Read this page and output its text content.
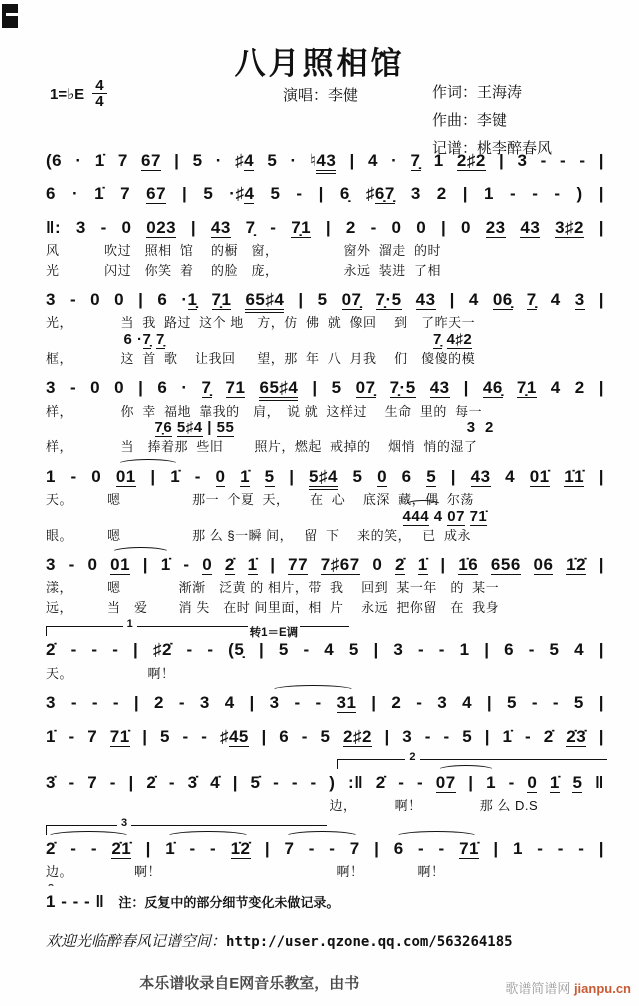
八月照相馆
1=♭E 4
4	演唱：李健	作词：王海涛
作曲：李键
记谱：桃李醉春风
(6 · 1̇ 7 67 | 5 · ♯4 5 · ♮43 | 4 · 7̣ 1 2♯2 | 3 - - - |
6 · 1̇ 7 67 | 5 ·♯4 5 - | 6̣ ♯6̣7̣ 3 2 | 1 - - - ) |
‖: 3 - 0 023 | 43 7̣ - 7̣1 | 2 - 0 0 | 0 23 43 3♯2 |
风　　　 吹过　照相  馆　 的橱　窗，　　　　　 窗外  溜走  的时
光　　　 闪过　你笑  着　 的脸　庞，　　　　　 永远  装进  了相
3 - 0 0 | 6 ·1̣ 7̣1 65♯4 | 5 07̣ 7̣·5 43 | 4 06̣ 7̣ 4 3 |
光，　　　　当  我  路过  这个 地　方，仿  佛  就  像回　 到　了昨天一
　　　　　6 ·7̣ 7̣　　　　　　　　　　　　　　　　　	7̣ 4♯2
框，　　　　这  首  歌　 让我回　  望，那  年  八  月我　 们　傻傻的模
3 - 0 0 | 6 · 7̣ 71 65♯4 | 5 07̣ 7̣·5 43 | 46̣ 7̣1 4 2 |
样，　　　　你  幸  福地  靠我的　肩，　说 就  这样过　 生命  里的  每一
　　　　　　　7̣6 5♯4 | 55　　　　　　　　　　　　　　　3  2
样，　　　　当　捧着那  些旧　　 照片，燃起  戒掉的　 烟悄  悄的湿了
1 - 0 01 | 1̇ - 0 1̇ 5 | 5♯4 5 0 6 5 | 43 4 01̇ 1̇1̇ |
天。　　　嗯　　　　　 那一  个夏  天，　　在  心　 底深  藏，偶  尔荡
　　　　　　　　　　　　　　　　　　　　　　　444 4 07 71̇
眼。　　　嗯　　　　　 那 么 §一瞬 间，　 留  下　 来的笑，　 已  成永
3 - 0 01 | 1̇ - 0 2̇ 1̇ | 77 7♯67 0 2̇ 1̇ | 1̇6 656 06 1̇2̇ |
漾，　　　嗯　　　　 渐渐　泛黄 的 相片，带  我　 回到  某一年　的  某一
远，　　　当　爱　　 消 失　在时 间里面，相  片　 永远  把你留　在  我身
1
转1＝E调
2̇ - - - | ♯2̇ - - (5̣ | 5 - 4 5 | 3 - - 1 | 6 - 5 4 |
天。　　　　　　啊！
3 - - - | 2 - 3 4 | 3 - - 31 | 2 - 3 4 | 5 - - 5 |
1̇ - 7 71̇ | 5 - - ♯45 | 6 - 5 2♯2 | 3 - - 5 | 1̇ - 2̇ 2̇3̇ |
2
3̇ - 7 - | 2̇ - 3̇ 4̇ | 5̇ - - - ) :‖ 2̇ - - 07 | 1 - 0 1̇ 5 ‖
　　　　　　　　　　　　　　　　　　　　　边，　　　 啊！　　　　 那 么 D.S
3
2̇ - - 2̇1̇ | 1̇ - - 1̇2̇ | 7 - - 7 | 6 - - 71̇ | 1 - - - |
边。　　　　　啊！　　　　　　　　　　　　　啊！　　　　啊！
1 - - - ‖ 注：反复中的部分细节变化未做记录。
欢迎光临醉春风记谱空间：http://user.qzone.qq.com/563264185
本乐谱收录自E网音乐教室，由书	歌谱简谱网 jianpu.cn
